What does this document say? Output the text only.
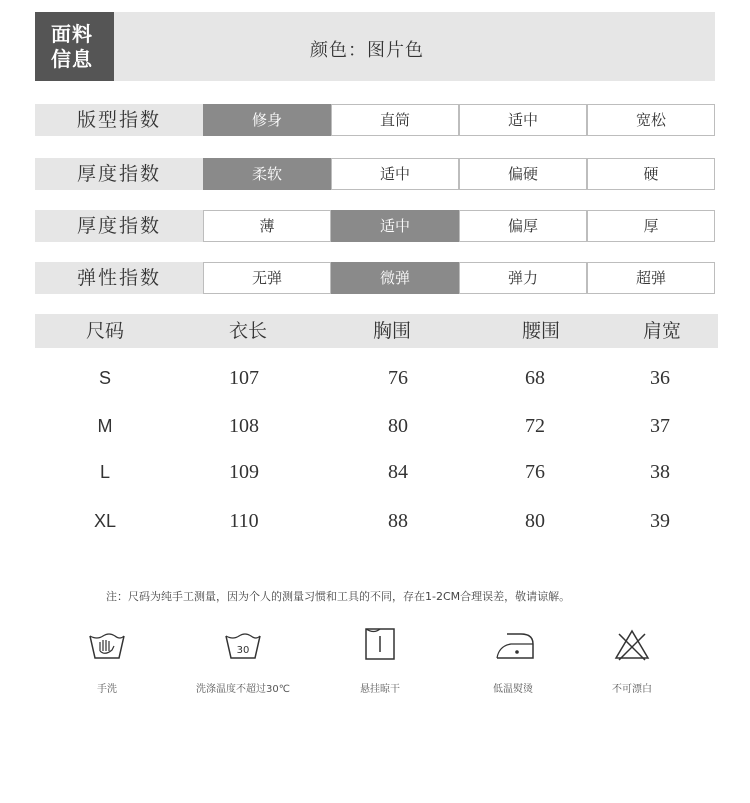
面料
信息	颜色：图片色
版型指数	修身	直筒	适中	宽松
厚度指数	柔软	适中	偏硬	硬
厚度指数	薄	适中	偏厚	厚
弹性指数	无弹	微弹	弹力	超弹
尺码	衣长	胸围	腰围	肩宽
S	107	76	68	36
M	108	80	72	37
L	109	84	76	38
XL	110	88	80	39
注：尺码为纯手工测量，因为个人的测量习惯和工具的不同，存在1-2CM合理误差，敬请谅解。
手洗
30
洗涤温度不超过30℃	悬挂晾干	低温熨烫	不可漂白
